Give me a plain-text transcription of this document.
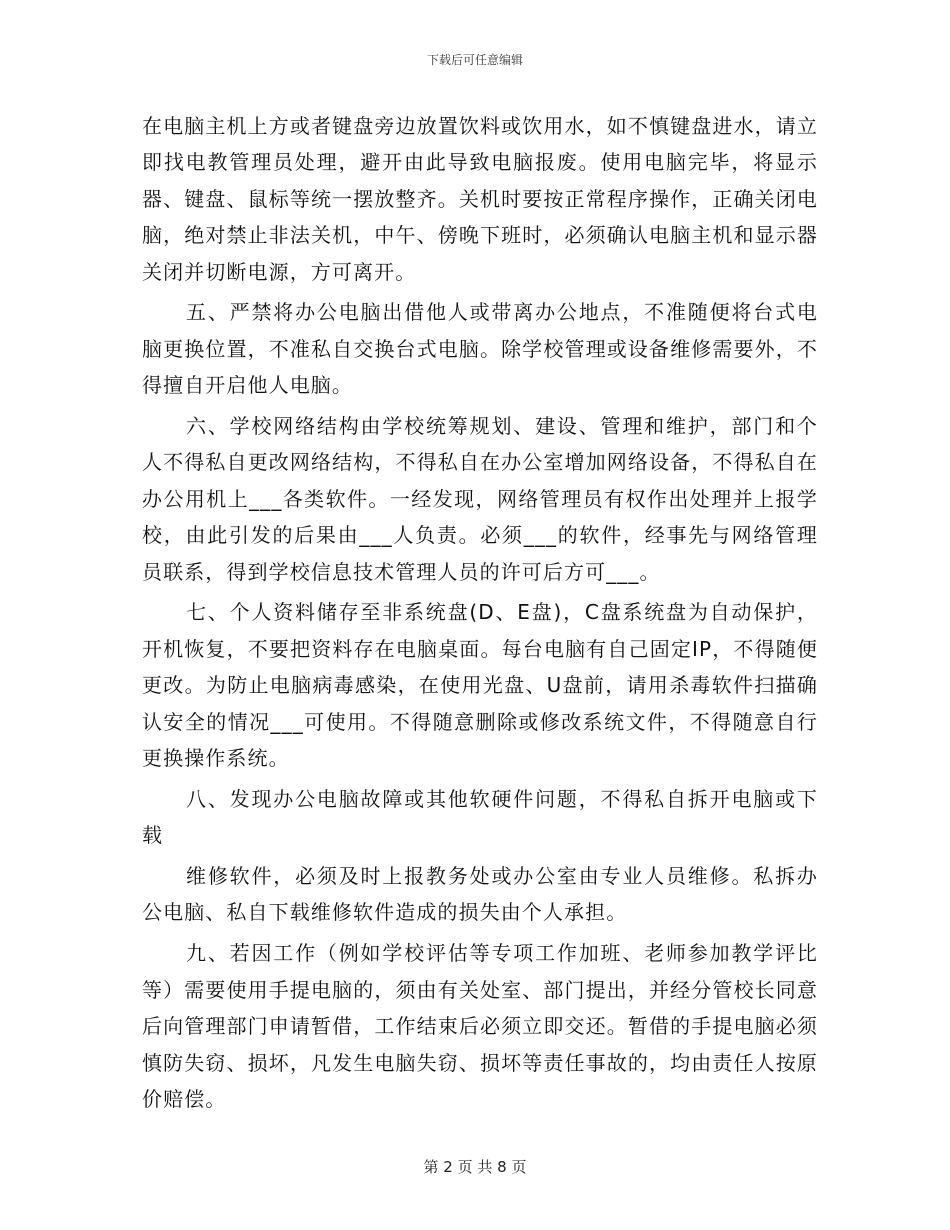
下载后可任意编辑

在电脑主机上方或者键盘旁边放置饮料或饮用水，如不慎键盘进水，请立即找电教管理员处理，避开由此导致电脑报废。使用电脑完毕，将显示器、键盘、鼠标等统一摆放整齐。关机时要按正常程序操作，正确关闭电脑，绝对禁止非法关机，中午、傍晚下班时，必须确认电脑主机和显示器关闭并切断电源，方可离开。

五、严禁将办公电脑出借他人或带离办公地点，不准随便将台式电脑更换位置，不准私自交换台式电脑。除学校管理或设备维修需要外，不得擅自开启他人电脑。

六、学校网络结构由学校统筹规划、建设、管理和维护，部门和个人不得私自更改网络结构，不得私自在办公室增加网络设备，不得私自在办公用机上___各类软件。一经发现，网络管理员有权作出处理并上报学校，由此引发的后果由___人负责。必须___的软件，经事先与网络管理员联系，得到学校信息技术管理人员的许可后方可___。

七、个人资料储存至非系统盘(D、E盘)，C盘系统盘为自动保护，开机恢复，不要把资料存在电脑桌面。每台电脑有自己固定IP，不得随便更改。为防止电脑病毒感染，在使用光盘、U盘前，请用杀毒软件扫描确认安全的情况___可使用。不得随意删除或修改系统文件，不得随意自行更换操作系统。

八、发现办公电脑故障或其他软硬件问题，不得私自拆开电脑或下载

维修软件，必须及时上报教务处或办公室由专业人员维修。私拆办公电脑、私自下载维修软件造成的损失由个人承担。

九、若因工作（例如学校评估等专项工作加班、老师参加教学评比等）需要使用手提电脑的，须由有关处室、部门提出，并经分管校长同意后向管理部门申请暂借，工作结束后必须立即交还。暂借的手提电脑必须慎防失窃、损坏，凡发生电脑失窃、损坏等责任事故的，均由责任人按原价赔偿。

第 2 页 共 8 页
